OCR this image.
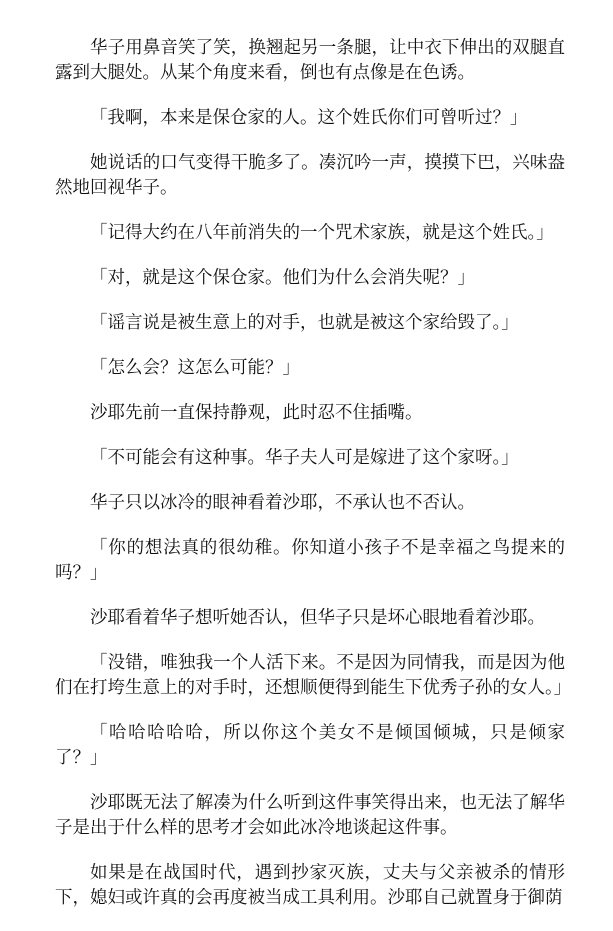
华子用鼻音笑了笑，换翘起另一条腿，让中衣下伸出的双腿直露到大腿处。从某个角度来看，倒也有点像是在色诱。

「我啊，本来是保仓家的人。这个姓氏你们可曾听过？」

她说话的口气变得干脆多了。凑沉吟一声，摸摸下巴，兴味盎然地回视华子。

「记得大约在八年前消失的一个咒术家族，就是这个姓氏。」

「对，就是这个保仓家。他们为什么会消失呢？」

「谣言说是被生意上的对手，也就是被这个家给毁了。」

「怎么会？这怎么可能？」

沙耶先前一直保持静观，此时忍不住插嘴。

「不可能会有这种事。华子夫人可是嫁进了这个家呀。」

华子只以冰冷的眼神看着沙耶，不承认也不否认。

「你的想法真的很幼稚。你知道小孩子不是幸福之鸟提来的吗？」

沙耶看着华子想听她否认，但华子只是坏心眼地看着沙耶。

「没错，唯独我一个人活下来。不是因为同情我，而是因为他们在打垮生意上的对手时，还想顺便得到能生下优秀子孙的女人。」

「哈哈哈哈哈，所以你这个美女不是倾国倾城，只是倾家了？」

沙耶既无法了解凑为什么听到这件事笑得出来，也无法了解华子是出于什么样的思考才会如此冰冷地谈起这件事。

如果是在战国时代，遇到抄家灭族，丈夫与父亲被杀的情形下，媳妇或许真的会再度被当成工具利用。沙耶自己就置身于御荫
